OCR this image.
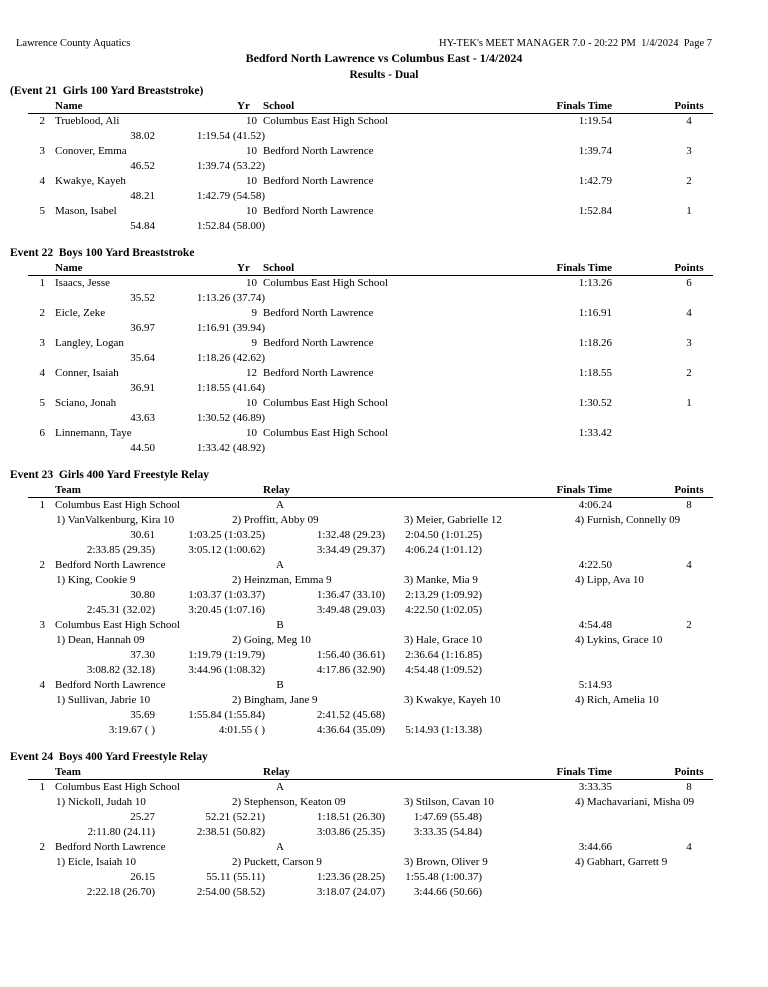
Lawrence County Aquatics	HY-TEK's MEET MANAGER 7.0 - 20:22 PM  1/4/2024  Page 7
Bedford North Lawrence vs Columbus East - 1/4/2024
Results - Dual
(Event 21  Girls 100 Yard Breaststroke)
Name	Yr School	Finals Time	Points
2 Trueblood, Ali	10 Columbus East High School	1:19.54	4
38.02	1:19.54 (41.52)
3 Conover, Emma	10 Bedford North Lawrence	1:39.74	3
46.52	1:39.74 (53.22)
4 Kwakye, Kayeh	10 Bedford North Lawrence	1:42.79	2
48.21	1:42.79 (54.58)
5 Mason, Isabel	10 Bedford North Lawrence	1:52.84	1
54.84	1:52.84 (58.00)
Event 22  Boys 100 Yard Breaststroke
Name	Yr School	Finals Time	Points
1 Isaacs, Jesse	10 Columbus East High School	1:13.26	6
35.52	1:13.26 (37.74)
2 Eicle, Zeke	9 Bedford North Lawrence	1:16.91	4
36.97	1:16.91 (39.94)
3 Langley, Logan	9 Bedford North Lawrence	1:18.26	3
35.64	1:18.26 (42.62)
4 Conner, Isaiah	12 Bedford North Lawrence	1:18.55	2
36.91	1:18.55 (41.64)
5 Sciano, Jonah	10 Columbus East High School	1:30.52	1
43.63	1:30.52 (46.89)
6 Linnemann, Taye	10 Columbus East High School	1:33.42
44.50	1:33.42 (48.92)
Event 23  Girls 400 Yard Freestyle Relay
Team	Relay	Finals Time	Points
1 Columbus East High School	A	4:06.24	8
1) VanValkenburg, Kira 10	2) Proffitt, Abby 09	3) Meier, Gabrielle 12	4) Furnish, Connelly 09
30.61	1:03.25 (1:03.25)	1:32.48 (29.23)	2:04.50 (1:01.25)
2:33.85 (29.35)	3:05.12 (1:00.62)	3:34.49 (29.37)	4:06.24 (1:01.12)
2 Bedford North Lawrence	A	4:22.50	4
1) King, Cookie 9	2) Heinzman, Emma 9	3) Manke, Mia 9	4) Lipp, Ava 10
30.80	1:03.37 (1:03.37)	1:36.47 (33.10)	2:13.29 (1:09.92)
2:45.31 (32.02)	3:20.45 (1:07.16)	3:49.48 (29.03)	4:22.50 (1:02.05)
3 Columbus East High School	B	4:54.48	2
1) Dean, Hannah 09	2) Going, Meg 10	3) Hale, Grace 10	4) Lykins, Grace 10
37.30	1:19.79 (1:19.79)	1:56.40 (36.61)	2:36.64 (1:16.85)
3:08.82 (32.18)	3:44.96 (1:08.32)	4:17.86 (32.90)	4:54.48 (1:09.52)
4 Bedford North Lawrence	B	5:14.93
1) Sullivan, Jabrie 10	2) Bingham, Jane 9	3) Kwakye, Kayeh 10	4) Rich, Amelia 10
35.69	1:55.84 (1:55.84)	2:41.52 (45.68)
3:19.67 ( )	4:01.55 ( )	4:36.64 (35.09)	5:14.93 (1:13.38)
Event 24  Boys 400 Yard Freestyle Relay
Team	Relay	Finals Time	Points
1 Columbus East High School	A	3:33.35	8
1) Nickoll, Judah 10	2) Stephenson, Keaton 09	3) Stilson, Cavan 10	4) Machavariani, Misha 09
25.27	52.21 (52.21)	1:18.51 (26.30)	1:47.69 (55.48)
2:11.80 (24.11)	2:38.51 (50.82)	3:03.86 (25.35)	3:33.35 (54.84)
2 Bedford North Lawrence	A	3:44.66	4
1) Eicle, Isaiah 10	2) Puckett, Carson 9	3) Brown, Oliver 9	4) Gabhart, Garrett 9
26.15	55.11 (55.11)	1:23.36 (28.25)	1:55.48 (1:00.37)
2:22.18 (26.70)	2:54.00 (58.52)	3:18.07 (24.07)	3:44.66 (50.66)
